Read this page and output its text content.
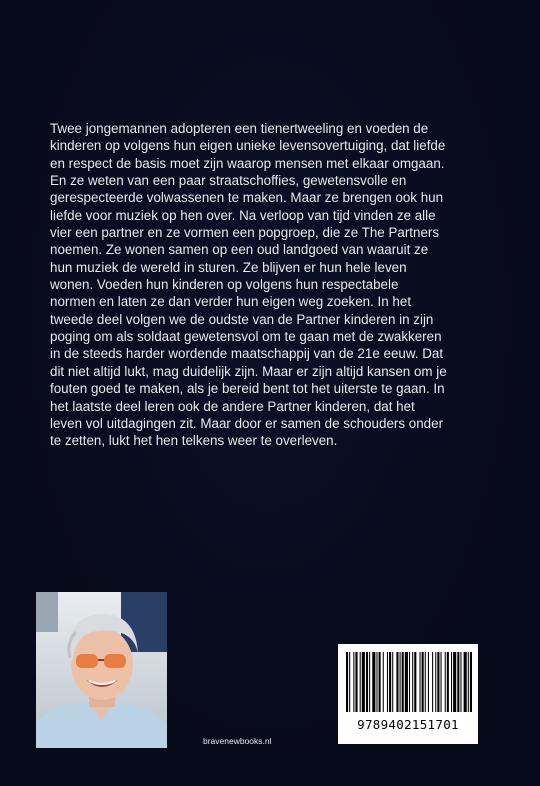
Twee jongemannen adopteren een tienertweeling en voeden de
kinderen op volgens hun eigen unieke levensovertuiging, dat liefde
en respect de basis moet zijn waarop mensen met elkaar omgaan.
En ze weten van een paar straatschoffies, gewetensvolle en
gerespecteerde volwassenen te maken. Maar ze brengen ook hun
liefde voor muziek op hen over. Na verloop van tijd vinden ze alle
vier een partner en ze vormen een popgroep, die ze The Partners
noemen. Ze wonen samen op een oud landgoed van waaruit ze
hun muziek de wereld in sturen. Ze blijven er hun hele leven
wonen. Voeden hun kinderen op volgens hun respectabele
normen en laten ze dan verder hun eigen weg zoeken. In het
tweede deel volgen we de oudste van de Partner kinderen in zijn
poging om als soldaat gewetensvol om te gaan met de zwakkeren
in de steeds harder wordende maatschappij van de 21e eeuw. Dat
dit niet altijd lukt, mag duidelijk zijn. Maar er zijn altijd kansen om je
fouten goed te maken, als je bereid bent tot het uiterste te gaan. In
het laatste deel leren ook de andere Partner kinderen, dat het
leven vol uitdagingen zit. Maar door er samen de schouders onder
te zetten, lukt het hen telkens weer te overleven.

9789402151701
bravenewbooks.nl
